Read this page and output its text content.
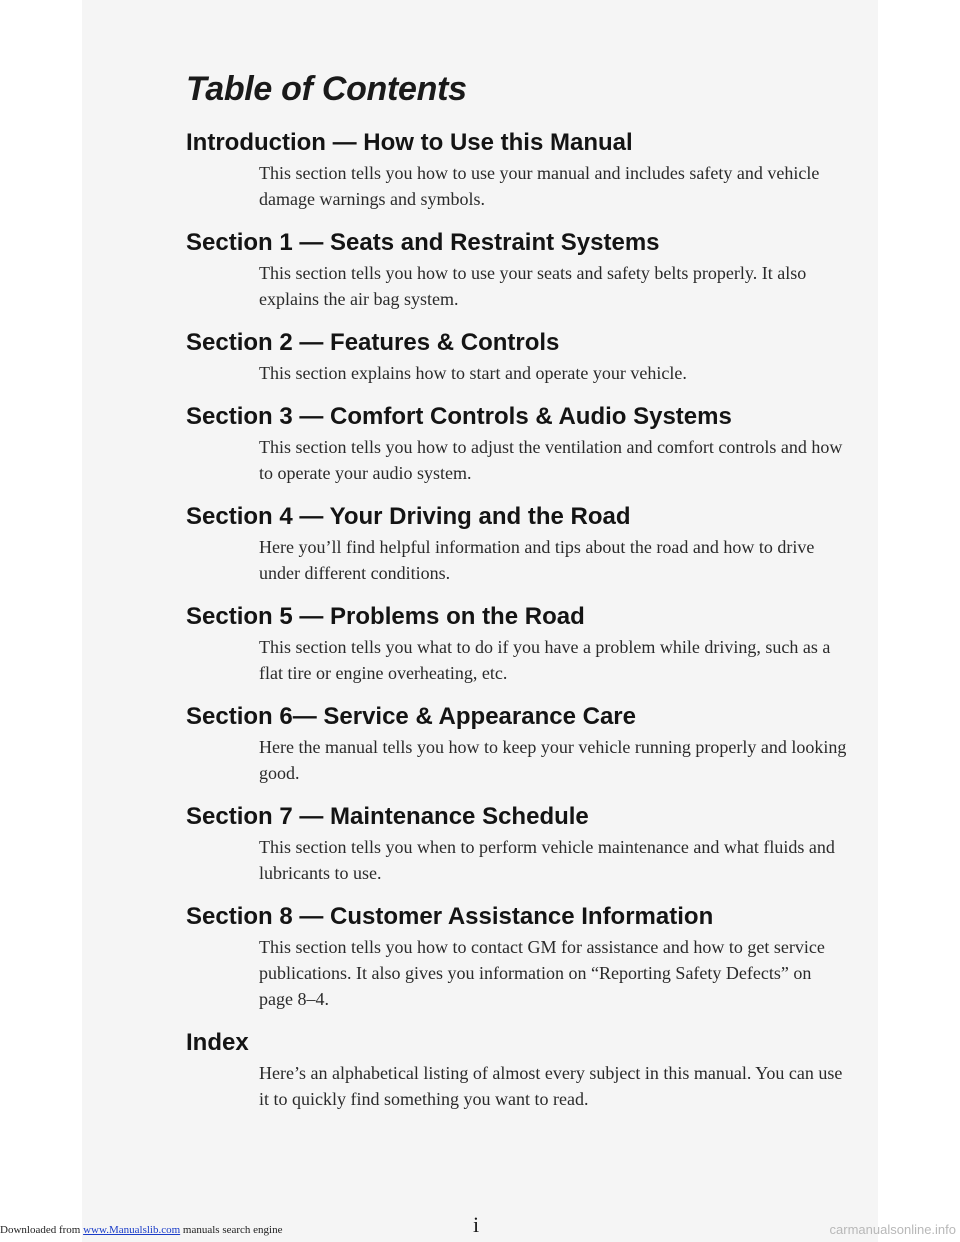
Table of Contents
Introduction — How to Use this Manual

This section tells you how to use your manual and includes safety and vehicle damage warnings and symbols.

Section 1 — Seats and Restraint Systems

This section tells you how to use your seats and safety belts properly. It also explains the air bag system.

Section 2 — Features & Controls

This section explains how to start and operate your vehicle.

Section 3 — Comfort Controls & Audio Systems

This section tells you how to adjust the ventilation and comfort controls and how to operate your audio system.

Section 4 — Your Driving and the Road

Here you’ll find helpful information and tips about the road and how to drive under different conditions.

Section 5 — Problems on the Road

This section tells you what to do if you have a problem while driving, such as a flat tire or engine overheating, etc.

Section 6— Service & Appearance Care

Here the manual tells you how to keep your vehicle running properly and looking good.

Section 7 — Maintenance Schedule

This section tells you when to perform vehicle maintenance and what fluids and lubricants to use.

Section 8 — Customer Assistance Information

This section tells you how to contact GM for assistance and how to get service publications. It also gives you information on “Reporting Safety Defects” on page 8–4.

Index

Here’s an alphabetical listing of almost every subject in this manual. You can use it to quickly find something you want to read.

i
Downloaded from www.Manualslib.com manuals search engine	carmanualsonline.info
